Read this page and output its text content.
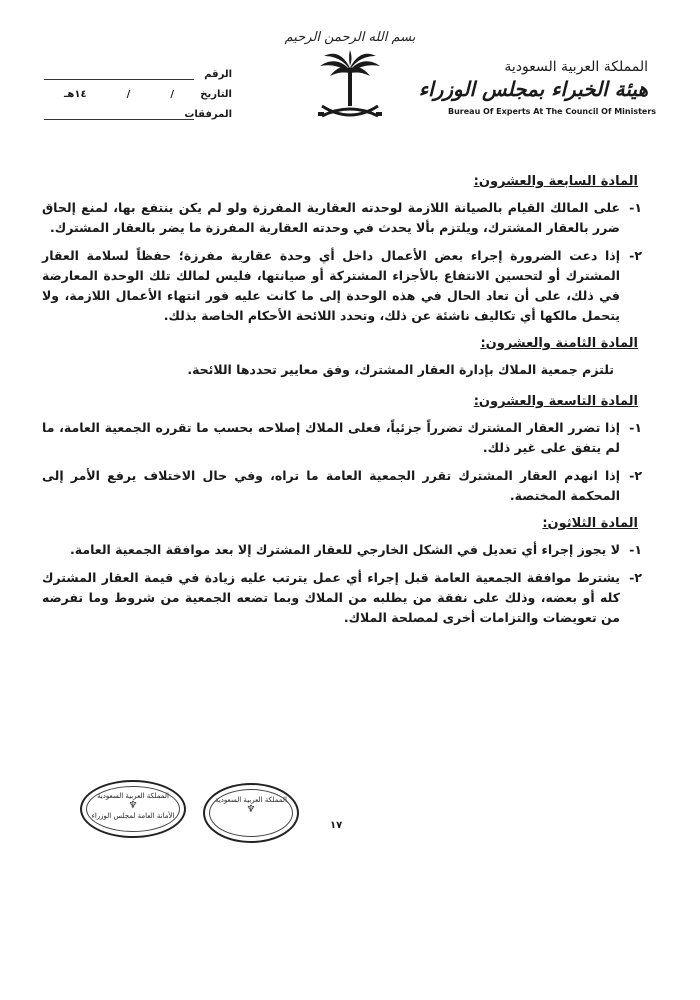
بسم الله الرحمن الرحيم
المملكة العربية السعودية
هيئة الخبراء بمجلس الوزراء
Bureau Of Experts At The Council Of Ministers
الرقم
التاريخ
١٤هـ	/	/
المرفقات
المادة السابعة والعشرون:
١-
على المالك القيام بالصيانة اللازمة لوحدته العقارية المفرزة ولو لم يكن ينتفع بها، لمنع إلحاق ضرر بالعقار المشترك، ويلتزم بألا يحدث في وحدته العقارية المفرزة ما يضر بالعقار المشترك.
٢-
إذا دعت الضرورة إجراء بعض الأعمال داخل أي وحدة عقارية مفرزة؛ حفظاً لسلامة العقار المشترك أو لتحسين الانتفاع بالأجزاء المشتركة أو صيانتها، فليس لمالك تلك الوحدة المعارضة في ذلك، على أن تعاد الحال في هذه الوحدة إلى ما كانت عليه فور انتهاء الأعمال اللازمة، ولا يتحمل مالكها أي تكاليف ناشئة عن ذلك، وتحدد اللائحة الأحكام الخاصة بذلك.
المادة الثامنة والعشرون:
تلتزم جمعية الملاك بإدارة العقار المشترك، وفق معايير تحددها اللائحة.
المادة التاسعة والعشرون:
١-
إذا تضرر العقار المشترك تضرراً جزئياً، فعلى الملاك إصلاحه بحسب ما تقرره الجمعية العامة، ما لم يتفق على غير ذلك.
٢-
إذا انهدم العقار المشترك تقرر الجمعية العامة ما تراه، وفي حال الاختلاف يرفع الأمر إلى المحكمة المختصة.
المادة الثلاثون:
١-
لا يجوز إجراء أي تعديل في الشكل الخارجي للعقار المشترك إلا بعد موافقة الجمعية العامة.
٢-
يشترط موافقة الجمعية العامة قبل إجراء أي عمل يترتب عليه زيادة في قيمة العقار المشترك كله أو بعضه، وذلك على نفقة من يطلبه من الملاك وبما تضعه الجمعية من شروط وما تفرضه من تعويضات والتزامات أخرى لمصلحة الملاك.
المملكة العربية السعودية
♆
الأمانة العامة لمجلس الوزراء
المملكة العربية السعودية
♆
١٧
